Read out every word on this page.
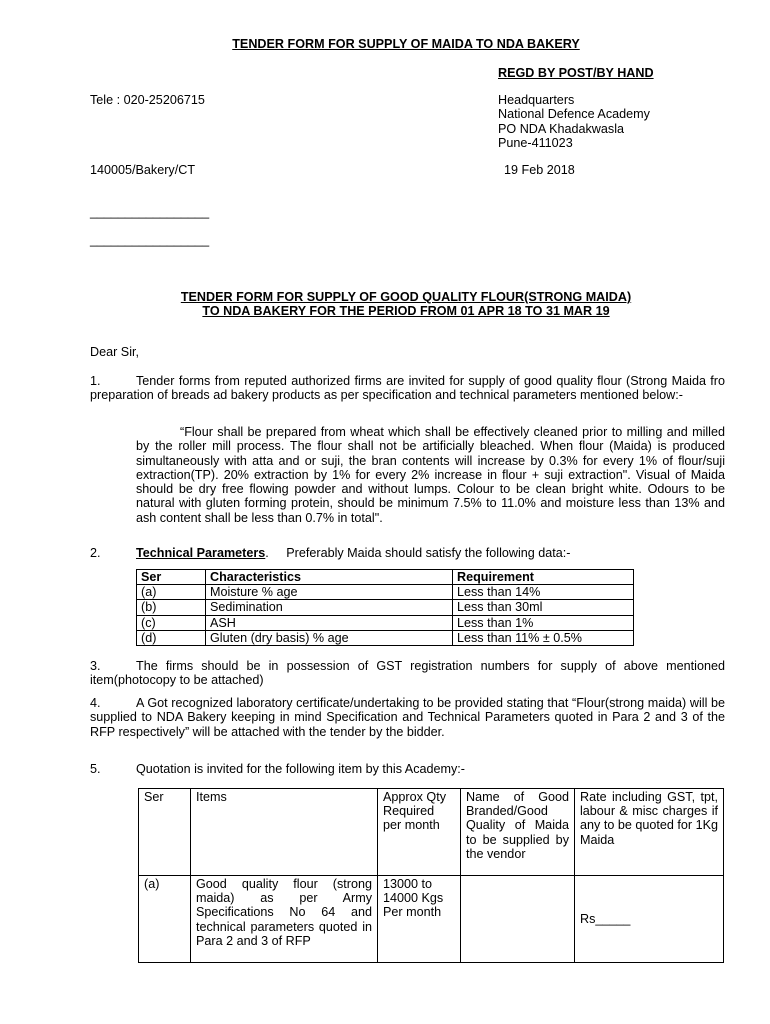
TENDER FORM FOR SUPPLY OF MAIDA TO NDA BAKERY
REGD BY POST/BY HAND
Tele : 020-25206715	Headquarters
National Defence Academy
PO NDA Khadakwasla
Pune-411023
140005/Bakery/CT	19 Feb 2018
_________________
_________________
TENDER FORM FOR SUPPLY OF GOOD QUALITY FLOUR(STRONG MAIDA)
TO NDA BAKERY FOR THE PERIOD FROM 01 APR 18 TO 31 MAR 19
Dear Sir,
1.	Tender forms from reputed authorized firms are invited for supply of good quality flour (Strong Maida fro preparation of breads ad bakery products as per specification and technical parameters mentioned below:-
“Flour shall be prepared from wheat which shall be effectively cleaned prior to milling and milled by the roller mill process. The flour shall not be artificially bleached. When flour (Maida) is produced simultaneously with atta and or suji, the bran contents will increase by 0.3% for every 1% of flour/suji extraction(TP). 20% extraction by 1% for every 2% increase in flour + suji extraction". Visual of Maida should be dry free flowing powder and without lumps. Colour to be clean bright white. Odours to be natural with gluten forming protein, should be minimum 7.5% to 11.0% and moisture less than 13% and ash content shall be less than 0.7% in total".
2.	Technical Parameters.     Preferably Maida should satisfy the following data:-
Ser	Characteristics	Requirement
(a)	Moisture % age	Less than 14%
(b)	Sedimination	Less than 30ml
(c)	ASH	Less than 1%
(d)	Gluten (dry basis) % age	Less than 11% ± 0.5%
3.	The firms should be in possession of GST registration numbers for supply of above mentioned item(photocopy to be attached)
4.	A Got recognized laboratory certificate/undertaking to be provided stating that “Flour(strong maida) will be supplied to NDA Bakery keeping in mind Specification and Technical Parameters quoted in Para 2 and 3 of the RFP respectively” will be attached with the tender by the bidder.
5.	Quotation is invited for the following item by this Academy:-
Ser	Items	Approx Qty Required per month	Name of Good Branded/Good Quality of Maida to be supplied by the vendor	Rate including GST, tpt, labour & misc charges if any to be quoted for 1Kg Maida
(a)	Good quality flour (strong maida) as per Army Specifications No 64 and technical parameters quoted in Para 2 and 3 of RFP	13000 to 14000 Kgs Per month		Rs_____
